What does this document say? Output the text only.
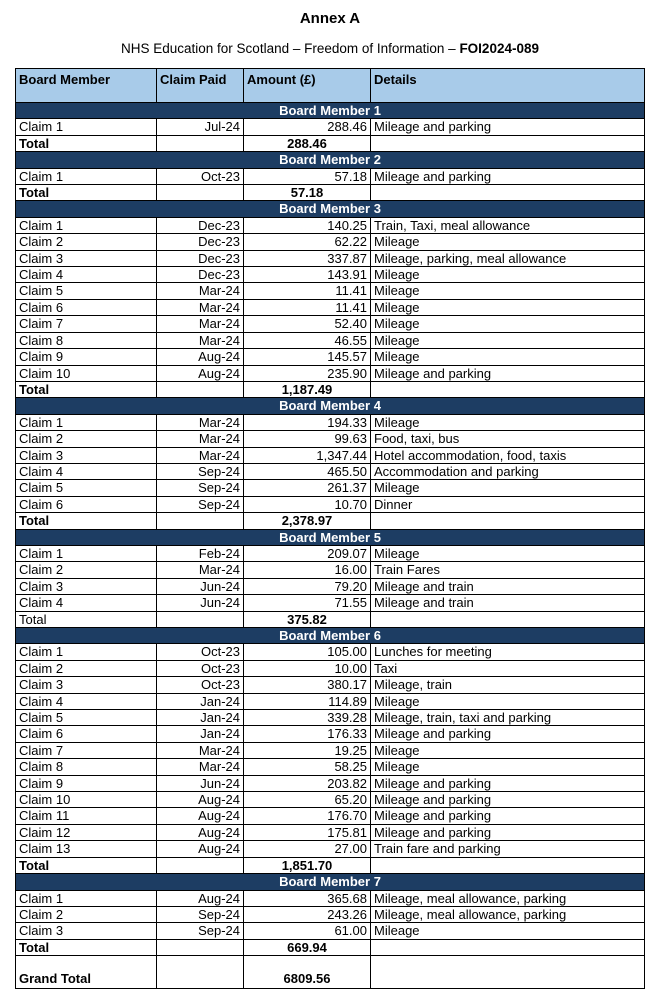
Annex A
NHS Education for Scotland – Freedom of Information – FOI2024-089
Board Member	Claim Paid	Amount (£)	Details
Board Member 1			
Claim 1	Jul-24	288.46	Mileage and parking
Total		288.46	
Board Member 2			
Claim 1	Oct-23	57.18	Mileage and parking
Total		57.18	
Board Member 3			
Claim 1	Dec-23	140.25	Train, Taxi, meal allowance
Claim 2	Dec-23	62.22	Mileage
Claim 3	Dec-23	337.87	Mileage, parking, meal allowance
Claim 4	Dec-23	143.91	Mileage
Claim 5	Mar-24	11.41	Mileage
Claim 6	Mar-24	11.41	Mileage
Claim 7	Mar-24	52.40	Mileage
Claim 8	Mar-24	46.55	Mileage
Claim 9	Aug-24	145.57	Mileage
Claim 10	Aug-24	235.90	Mileage and parking
Total		1,187.49	
Board Member 4			
Claim 1	Mar-24	194.33	Mileage
Claim 2	Mar-24	99.63	Food, taxi, bus
Claim 3	Mar-24	1,347.44	Hotel accommodation, food, taxis
Claim 4	Sep-24	465.50	Accommodation and parking
Claim 5	Sep-24	261.37	Mileage
Claim 6	Sep-24	10.70	Dinner
Total		2,378.97	
Board Member 5			
Claim 1	Feb-24	209.07	Mileage
Claim 2	Mar-24	16.00	Train Fares
Claim 3	Jun-24	79.20	Mileage and train
Claim 4	Jun-24	71.55	Mileage and train
Total		375.82	
Board Member 6			
Claim 1	Oct-23	105.00	Lunches for meeting
Claim 2	Oct-23	10.00	Taxi
Claim 3	Oct-23	380.17	Mileage, train
Claim 4	Jan-24	114.89	Mileage
Claim 5	Jan-24	339.28	Mileage, train, taxi and parking
Claim 6	Jan-24	176.33	Mileage and parking
Claim 7	Mar-24	19.25	Mileage
Claim 8	Mar-24	58.25	Mileage
Claim 9	Jun-24	203.82	Mileage and parking
Claim 10	Aug-24	65.20	Mileage and parking
Claim 11	Aug-24	176.70	Mileage and parking
Claim 12	Aug-24	175.81	Mileage and parking
Claim 13	Aug-24	27.00	Train fare and parking
Total		1,851.70	
Board Member 7			
Claim 1	Aug-24	365.68	Mileage, meal allowance, parking
Claim 2	Sep-24	243.26	Mileage, meal allowance, parking
Claim 3	Sep-24	61.00	Mileage
Total		669.94	
Grand Total		6809.56	
